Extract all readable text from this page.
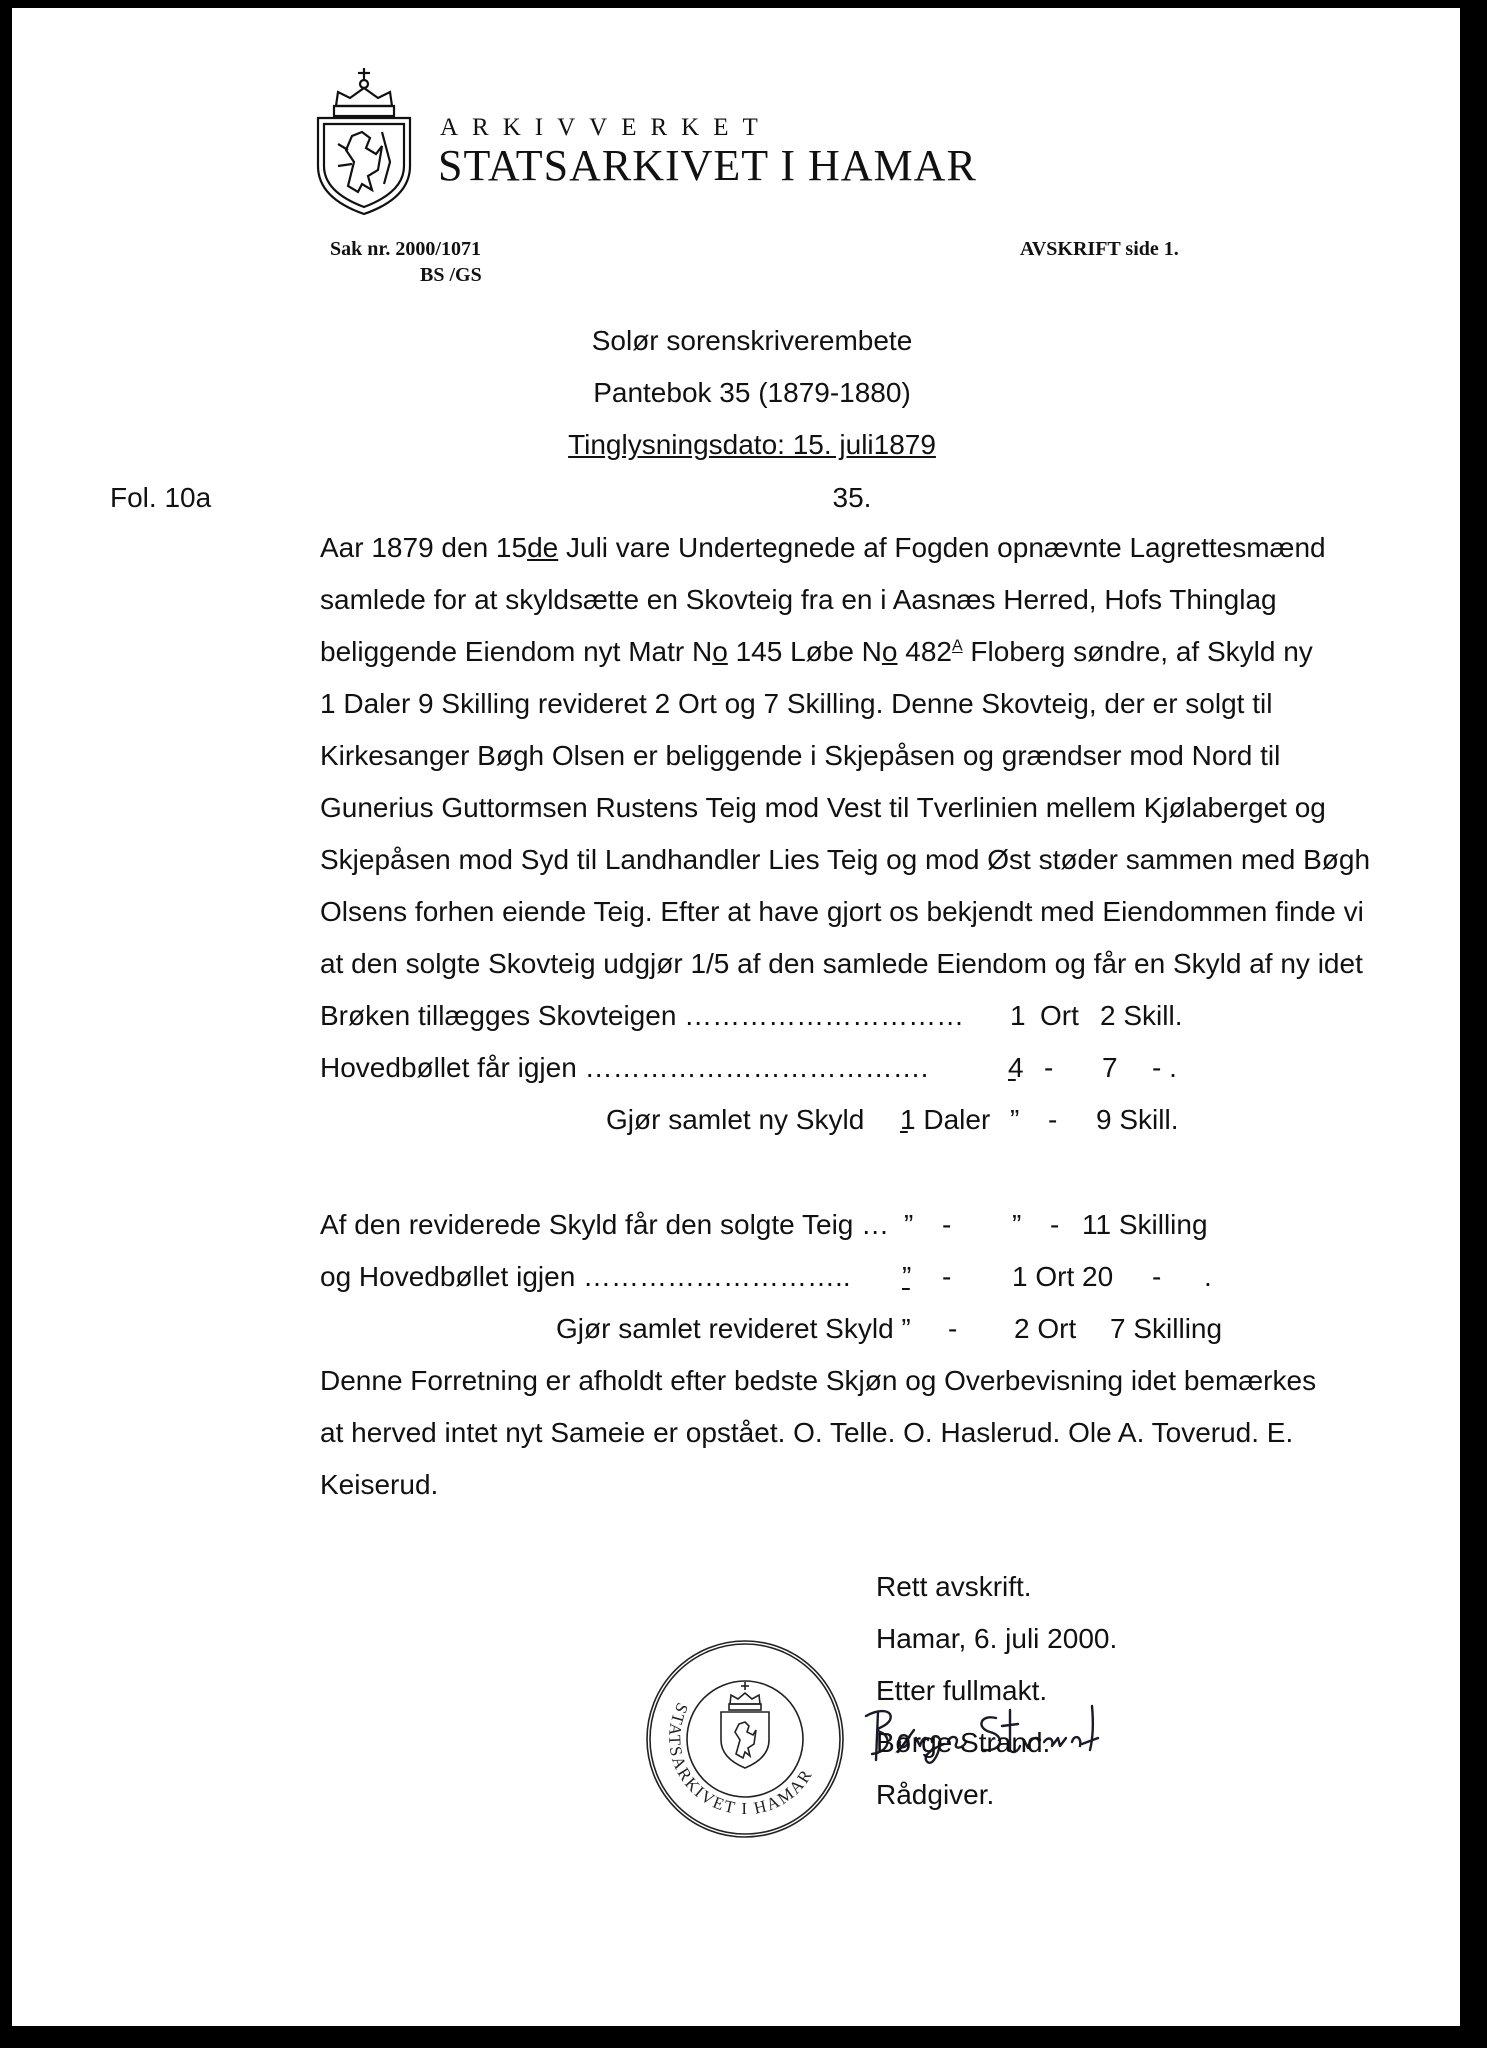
ARKIVVERKET
STATSARKIVET I HAMAR
Sak nr. 2000/1071
BS /GS
AVSKRIFT side 1.
Solør sorenskriverembete
Pantebok 35 (1879-1880)
Tinglysningsdato: 15. juli1879
Fol. 10a	35.
Aar 1879 den 15de Juli vare Undertegnede af Fogden opnævnte Lagrettesmænd
samlede for at skyldsætte en Skovteig fra en i Aasnæs Herred, Hofs Thinglag
beliggende Eiendom nyt Matr No 145 Løbe No $482^A$ Floberg søndre, af Skyld ny
1 Daler 9 Skilling revideret 2 Ort og 7 Skilling. Denne Skovteig, der er solgt til
Kirkesanger Bøgh Olsen er beliggende i Skjepåsen og grændser mod Nord til
Gunerius Guttormsen Rustens Teig mod Vest til Tverlinien mellem Kjølaberget og
Skjepåsen mod Syd til Landhandler Lies Teig og mod Øst støder sammen med Bøgh
Olsens forhen eiende Teig. Efter at have gjort os bekjendt med Eiendommen finde vi
at den solgte Skovteig udgjør 1/5 af den samlede Eiendom og får en Skyld af ny idet
Brøken tillægges Skovteigen ………………………… 1 Ort 2 Skill.
Hovedbøllet får igjen ……………………………….	4 - 7 - .

Gjør samlet ny Skyld 1 Daler ” - 9 Skill.

Af den reviderede Skyld får den solgte Teig … ” - ” - 11 Skilling
og Hovedbøllet igjen ……………………….. ” - 1 Ort 20 -
.
Gjør samlet revideret Skyld ” - 2 Ort 7 Skilling
Denne Forretning er afholdt efter bedste Skjøn og Overbevisning idet bemærkes
at herved intet nyt Sameie er opstået. O. Telle. O. Haslerud. Ole A. Toverud. E.
Keiserud.
Rett avskrift.
Hamar, 6. juli 2000.
Etter fullmakt.
Børge Strand.
Rådgiver.
STATSARKIVET I HAMAR
